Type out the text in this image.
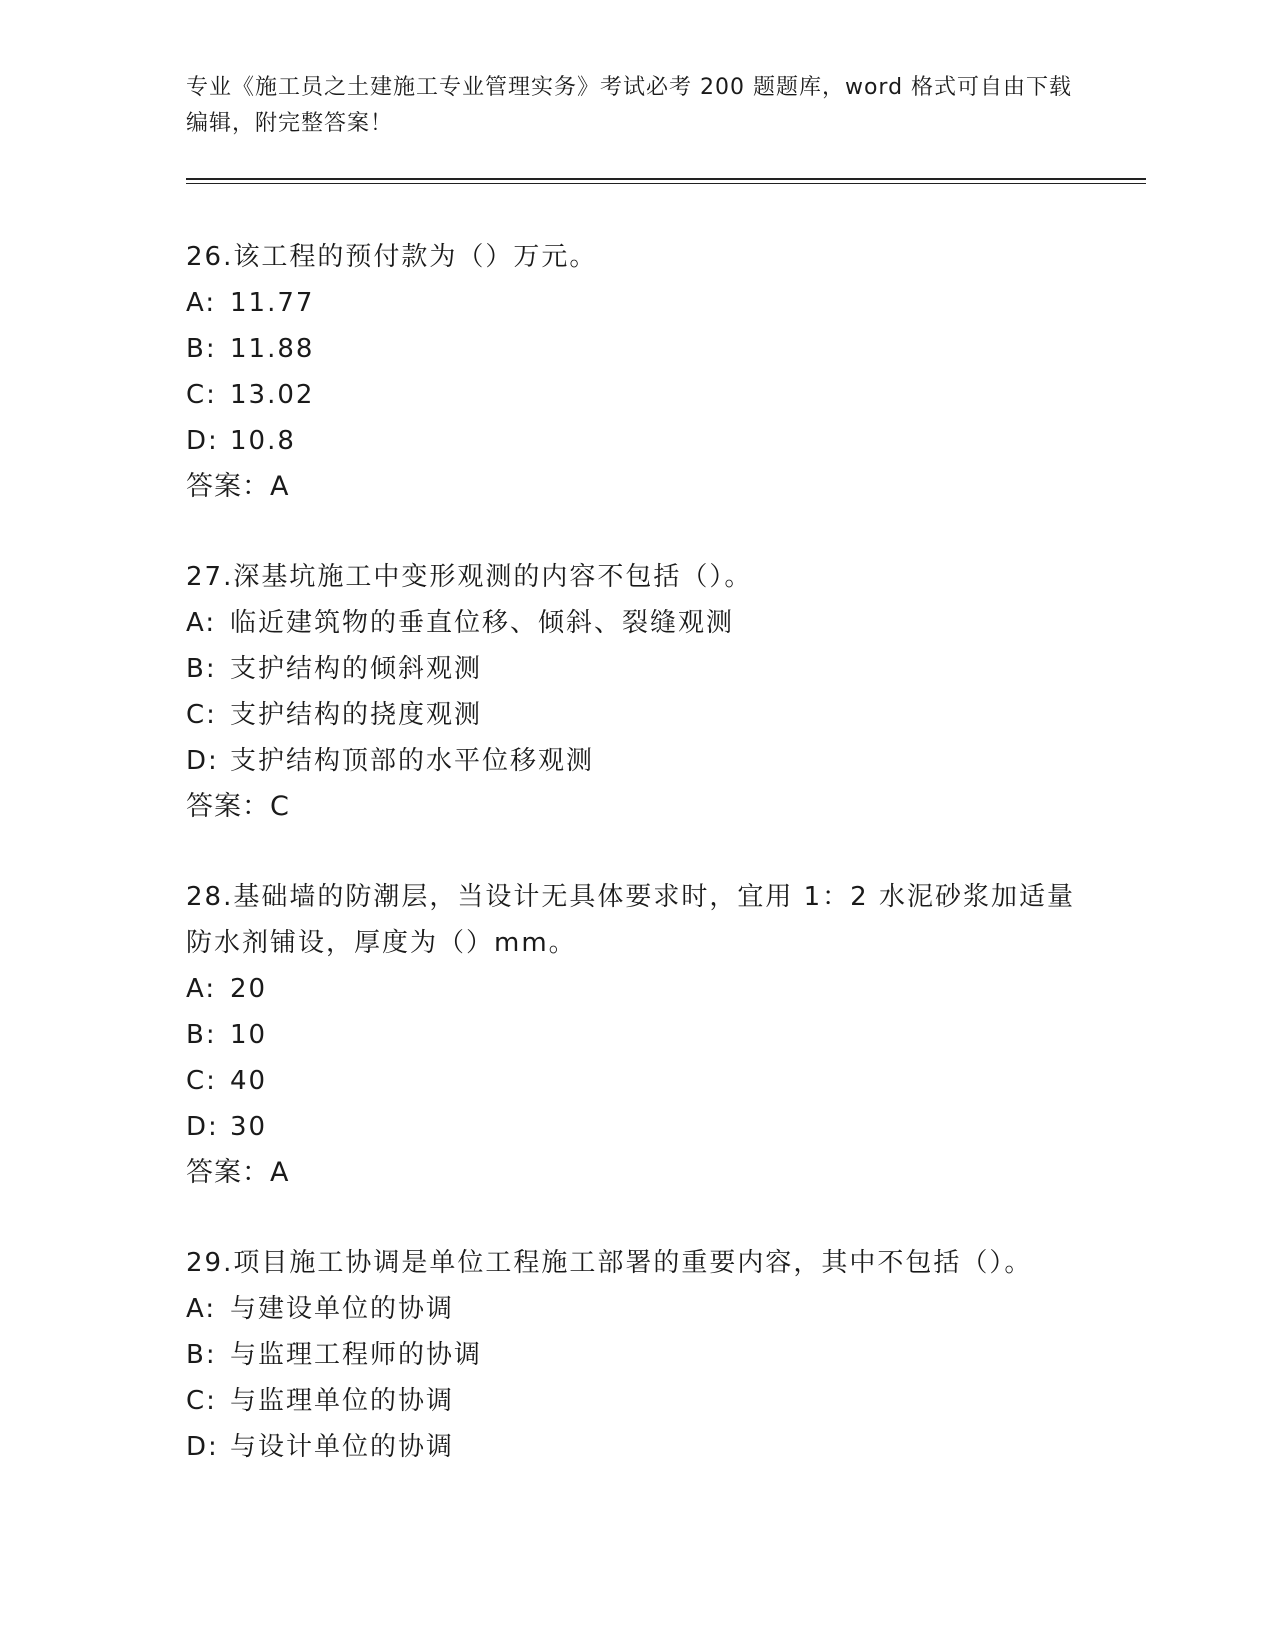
专业《施工员之土建施工专业管理实务》考试必考 200 题题库，word 格式可自由下载编辑，附完整答案！
26.该工程的预付款为（）万元。
A: 11.77
B: 11.88
C: 13.02
D: 10.8
答案：A
27.深基坑施工中变形观测的内容不包括（）。
A: 临近建筑物的垂直位移、倾斜、裂缝观测
B: 支护结构的倾斜观测
C: 支护结构的挠度观测
D: 支护结构顶部的水平位移观测
答案：C
28.基础墙的防潮层，当设计无具体要求时，宜用 1：2 水泥砂浆加适量防水剂铺设，厚度为（）mm。
A: 20
B: 10
C: 40
D: 30
答案：A
29.项目施工协调是单位工程施工部署的重要内容，其中不包括（）。
A: 与建设单位的协调
B: 与监理工程师的协调
C: 与监理单位的协调
D: 与设计单位的协调
